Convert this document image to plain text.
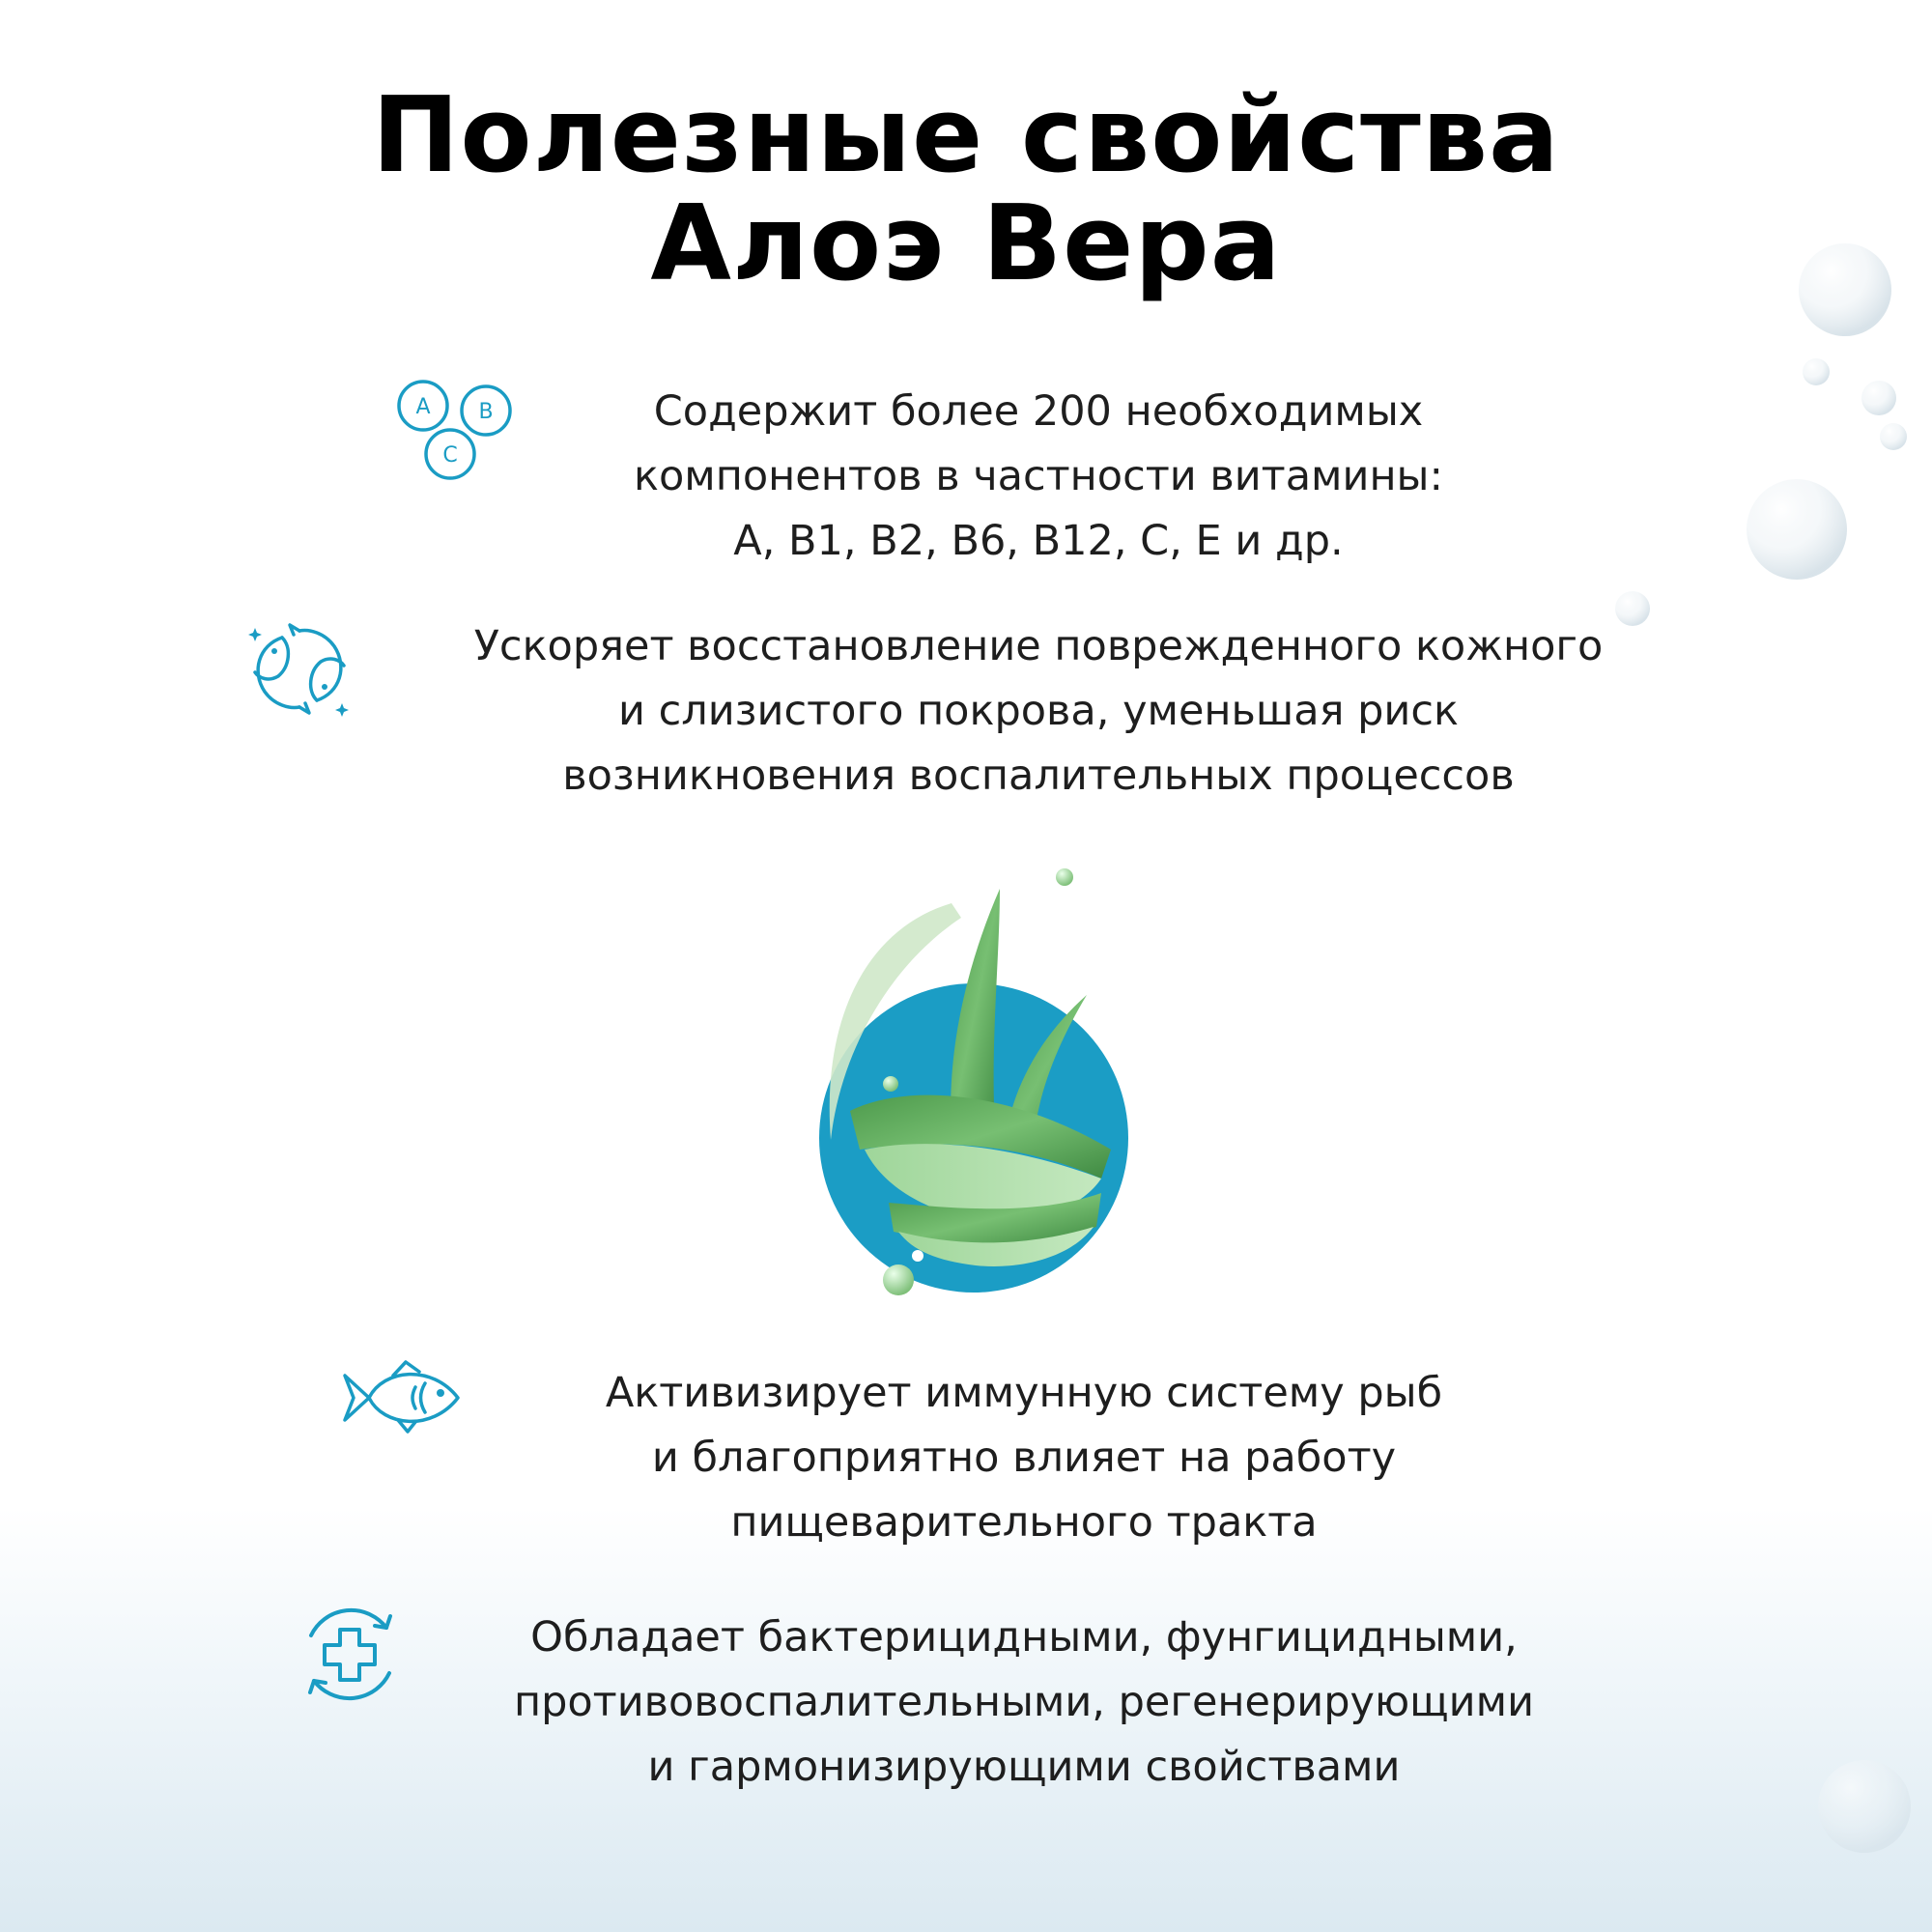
Полезные свойства
Алоэ Вера
A B
C
Содержит более 200 необходимых
компонентов в частности витамины:
А, В1, В2, В6, В12, С, Е и др.
Ускоряет восстановление поврежденного кожного
и слизистого покрова, уменьшая риск
возникновения воспалительных процессов
Активизирует иммунную систему рыб
и благоприятно влияет на работу
пищеварительного тракта
Обладает бактерицидными, фунгицидными,
противовоспалительными, регенерирующими
и гармонизирующими свойствами
